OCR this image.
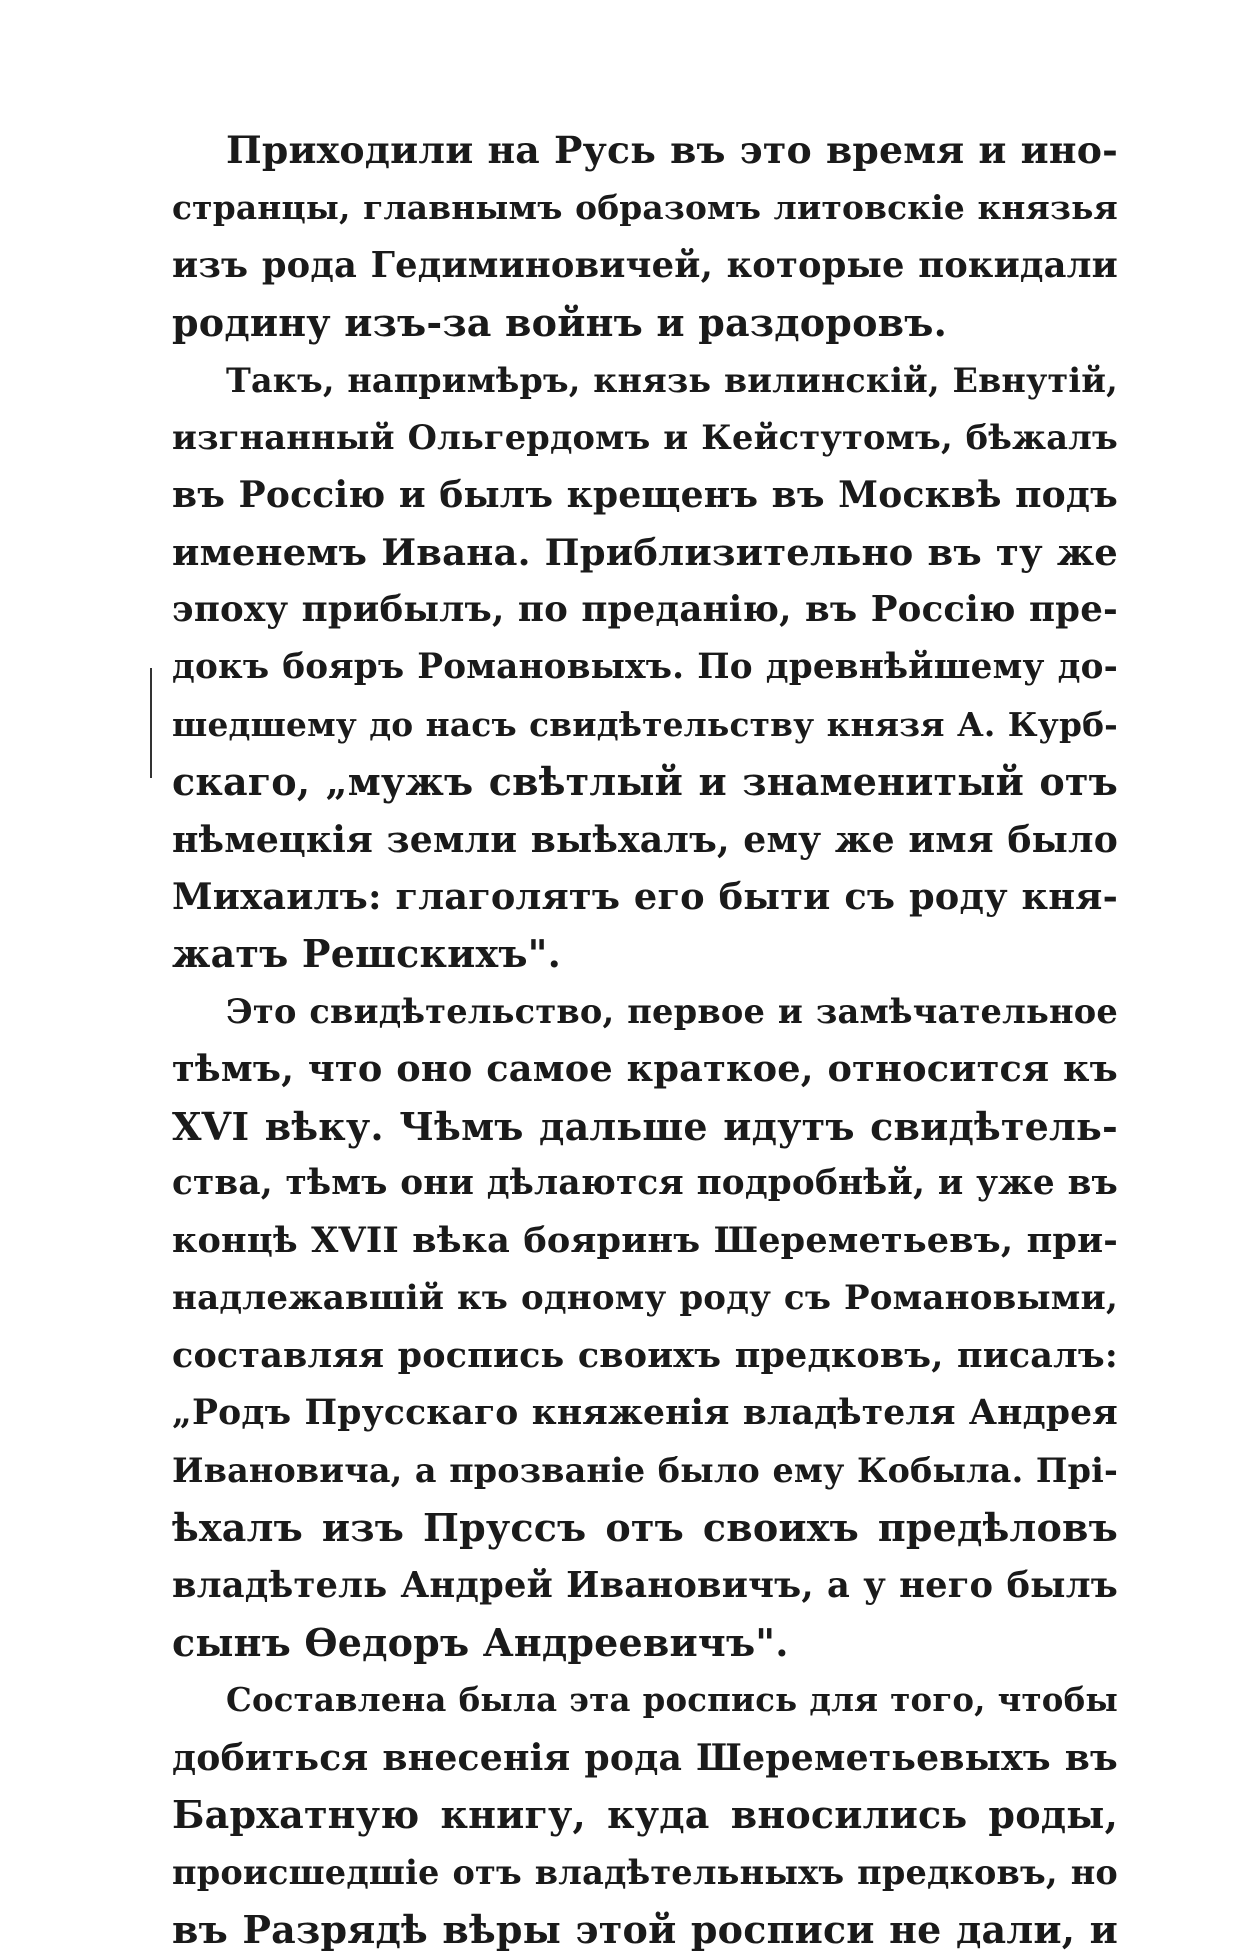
Приходили на Русь въ это время и ино-
странцы, главнымъ образомъ литовскіе князья
изъ рода Гедиминовичей, которые покидали
родину изъ-за войнъ и раздоровъ.
Такъ, напримѣръ, князь вилинскій, Евнутій,
изгнанный Ольгердомъ и Кейстутомъ, бѣжалъ
въ Россію и былъ крещенъ въ Москвѣ подъ
именемъ Ивана. Приблизительно въ ту же
эпоху прибылъ, по преданію, въ Россію пре-
докъ бояръ Романовыхъ. По древнѣйшему до-
шедшему до насъ свидѣтельству князя А. Курб-
скаго, „мужъ свѣтлый и знаменитый отъ
нѣмецкія земли выѣхалъ, ему же имя было
Михаилъ: глаголятъ его быти съ роду кня-
жатъ Решскихъ".
Это свидѣтельство, первое и замѣчательное
тѣмъ, что оно самое краткое, относится къ
XVI вѣку. Чѣмъ дальше идутъ свидѣтель-
ства, тѣмъ они дѣлаются подробнѣй, и уже въ
концѣ XVII вѣка бояринъ Шереметьевъ, при-
надлежавшій къ одному роду съ Романовыми,
составляя роспись своихъ предковъ, писалъ:
„Родъ Прусскаго княженія владѣтеля Андрея
Ивановича, а прозваніе было ему Кобыла. Прі-
ѣхалъ изъ Пруссъ отъ своихъ предѣловъ
владѣтель Андрей Ивановичъ, а у него былъ
сынъ Өедоръ Андреевичъ".
Составлена была эта роспись для того, чтобы
добиться внесенія рода Шереметьевыхъ въ
Бархатную книгу, куда вносились роды,
происшедшіе отъ владѣтельныхъ предковъ, но
въ Разрядѣ вѣры этой росписи не дали, и
